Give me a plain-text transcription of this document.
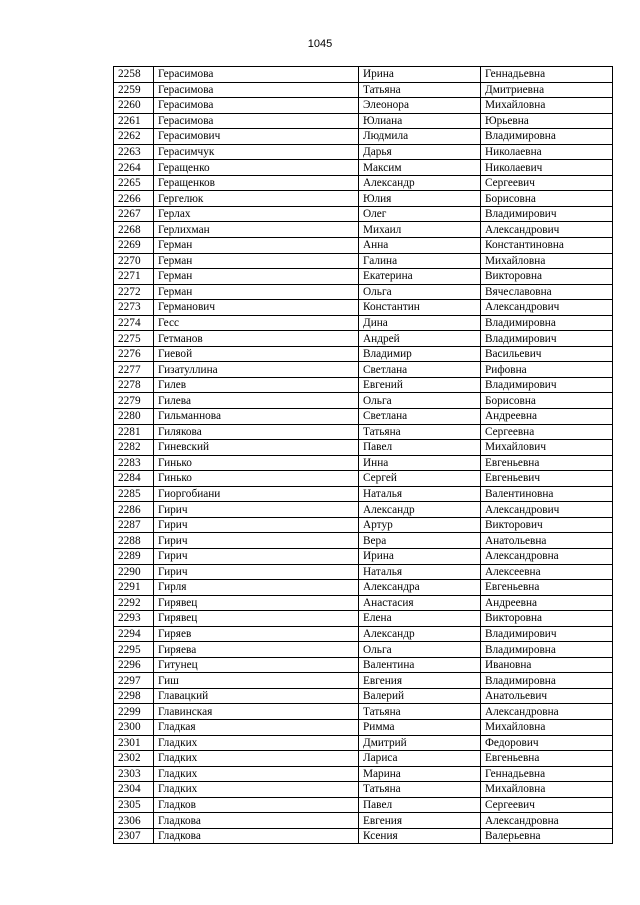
1045
2258	Герасимова	Ирина	Геннадьевна
2259	Герасимова	Татьяна	Дмитриевна
2260	Герасимова	Элеонора	Михайловна
2261	Герасимова	Юлиана	Юрьевна
2262	Герасимович	Людмила	Владимировна
2263	Герасимчук	Дарья	Николаевна
2264	Геращенко	Максим	Николаевич
2265	Геращенков	Александр	Сергеевич
2266	Гергелюк	Юлия	Борисовна
2267	Герлах	Олег	Владимирович
2268	Герлихман	Михаил	Александрович
2269	Герман	Анна	Константиновна
2270	Герман	Галина	Михайловна
2271	Герман	Екатерина	Викторовна
2272	Герман	Ольга	Вячеславовна
2273	Германович	Константин	Александрович
2274	Гесс	Дина	Владимировна
2275	Гетманов	Андрей	Владимирович
2276	Гиевой	Владимир	Васильевич
2277	Гизатуллина	Светлана	Рифовна
2278	Гилев	Евгений	Владимирович
2279	Гилева	Ольга	Борисовна
2280	Гильманнова	Светлана	Андреевна
2281	Гилякова	Татьяна	Сергеевна
2282	Гиневский	Павел	Михайлович
2283	Гинько	Инна	Евгеньевна
2284	Гинько	Сергей	Евгеньевич
2285	Гиоргобиани	Наталья	Валентиновна
2286	Гирич	Александр	Александрович
2287	Гирич	Артур	Викторович
2288	Гирич	Вера	Анатольевна
2289	Гирич	Ирина	Александровна
2290	Гирич	Наталья	Алексеевна
2291	Гирля	Александра	Евгеньевна
2292	Гирявец	Анастасия	Андреевна
2293	Гирявец	Елена	Викторовна
2294	Гиряев	Александр	Владимирович
2295	Гиряева	Ольга	Владимировна
2296	Гитунец	Валентина	Ивановна
2297	Гиш	Евгения	Владимировна
2298	Главацкий	Валерий	Анатольевич
2299	Главинская	Татьяна	Александровна
2300	Гладкая	Римма	Михайловна
2301	Гладких	Дмитрий	Федорович
2302	Гладких	Лариса	Евгеньевна
2303	Гладких	Марина	Геннадьевна
2304	Гладких	Татьяна	Михайловна
2305	Гладков	Павел	Сергеевич
2306	Гладкова	Евгения	Александровна
2307	Гладкова	Ксения	Валерьевна
